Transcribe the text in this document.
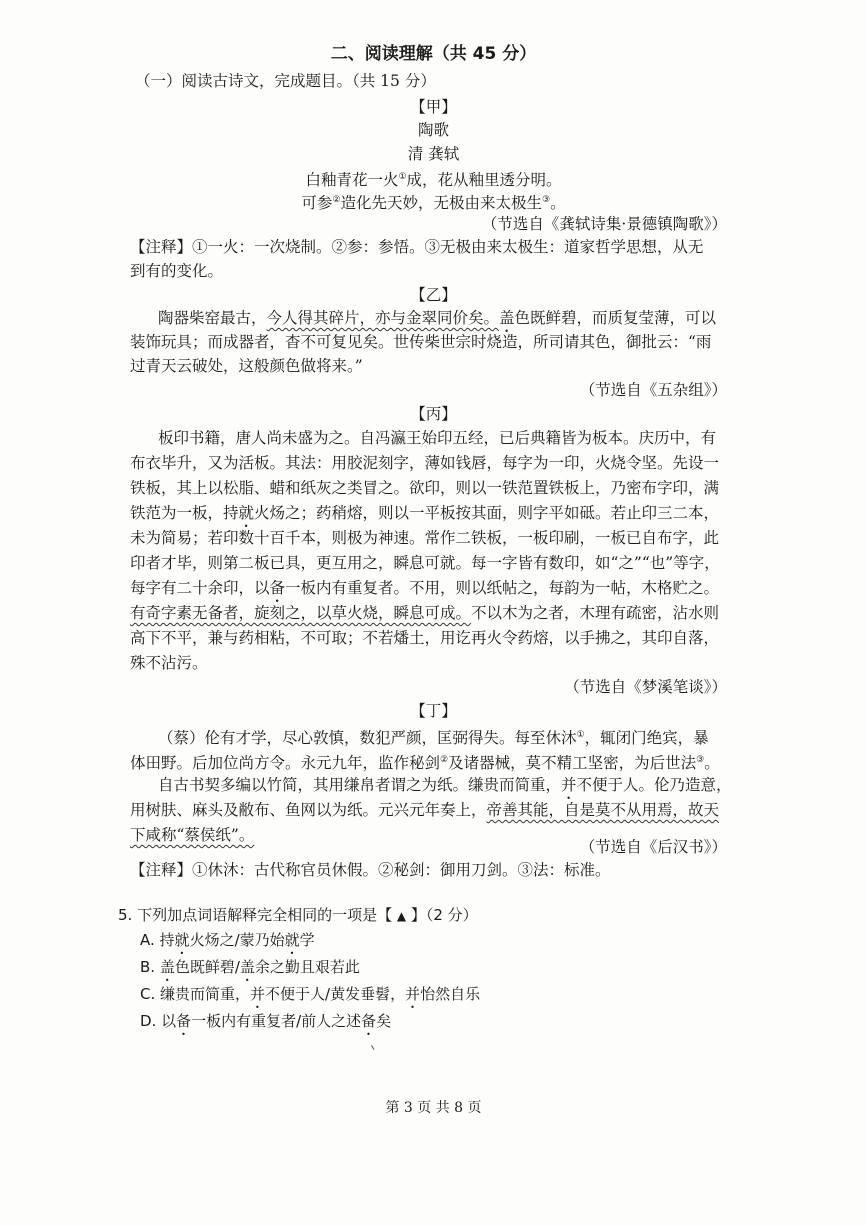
二、阅读理解（共 45 分）
（一）阅读古诗文，完成题目。（共 15 分）
【甲】
陶歌
清 龚轼
白釉青花一火①成，花从釉里透分明。
可参②造化先天妙，无极由来太极生③。
（节选自《龚轼诗集·景德镇陶歌》）
【注释】①一火：一次烧制。②参：参悟。③无极由来太极生：道家哲学思想，从无
到有的变化。
【乙】
陶器柴窑最古，今人得其碎片，亦与金翠同价矣。盖色既鲜碧，而质复莹薄，可以
装饰玩具；而成器者，杳不可复见矣。世传柴世宗时烧造，所司请其色，御批云：“雨
过青天云破处，这般颜色做将来。”
（节选自《五杂组》）
【丙】
板印书籍，唐人尚未盛为之。自冯瀛王始印五经，已后典籍皆为板本。庆历中，有
布衣毕升，又为活板。其法：用胶泥刻字，薄如钱唇，每字为一印，火烧令坚。先设一
铁板，其上以松脂、蜡和纸灰之类冒之。欲印，则以一铁范置铁板上，乃密布字印，满
铁范为一板，持就火炀之；药稍熔，则以一平板按其面，则字平如砥。若止印三二本，
未为简易；若印数十百千本，则极为神速。常作二铁板，一板印刷，一板已自布字，此
印者才毕，则第二板已具，更互用之，瞬息可就。每一字皆有数印，如“之”“也”等字，
每字有二十余印，以备一板内有重复者。不用，则以纸帖之，每韵为一帖，木格贮之。
有奇字素无备者，旋刻之，以草火烧，瞬息可成。不以木为之者，木理有疏密，沾水则
高下不平，兼与药相粘，不可取；不若燔土，用讫再火令药熔，以手拂之，其印自落，
殊不沾污。
（节选自《梦溪笔谈》）
【丁】
（蔡）伦有才学，尽心敦慎，数犯严颜，匡弼得失。每至休沐①，辄闭门绝宾，暴
体田野。后加位尚方令。永元九年，监作秘剑②及诸器械，莫不精工坚密，为后世法③。
自古书契多编以竹简，其用缣帛者谓之为纸。缣贵而简重，并不便于人。伦乃造意，
用树肤、麻头及敝布、鱼网以为纸。元兴元年奏上，帝善其能，自是莫不从用焉，故天
下咸称“蔡侯纸”。
（节选自《后汉书》）
【注释】①休沐：古代称官员休假。②秘剑：御用刀剑。③法：标准。
5. 下列加点词语解释完全相同的一项是【 ▲ 】（2 分）
A. 持就火炀之/蒙乃始就学
B. 盖色既鲜碧/盖余之勤且艰若此
C. 缣贵而简重，并不便于人/黄发垂髫，并怡然自乐
D. 以备一板内有重复者/前人之述备矣
第 3 页 共 8 页
